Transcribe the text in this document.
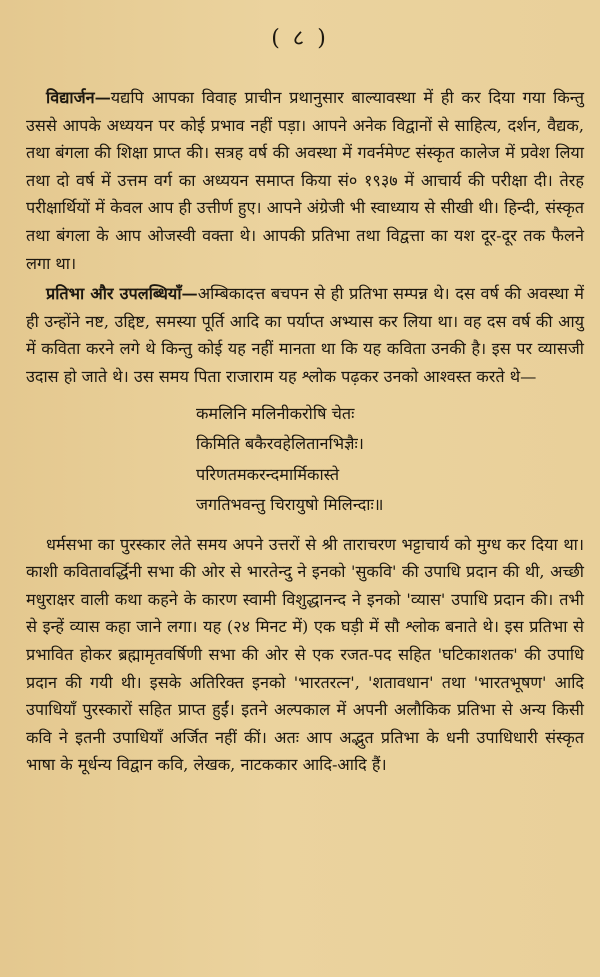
( ८ )

विद्यार्जन—यद्यपि आपका विवाह प्राचीन प्रथानुसार बाल्यावस्था में ही कर दिया गया किन्तु उससे आपके अध्ययन पर कोई प्रभाव नहीं पड़ा। आपने अनेक विद्वानों से साहित्य, दर्शन, वैद्यक, तथा बंगला की शिक्षा प्राप्त की। सत्रह वर्ष की अवस्था में गवर्नमेण्ट संस्कृत कालेज में प्रवेश लिया तथा दो वर्ष में उत्तम वर्ग का अध्ययन समाप्त किया सं० १९३७ में आचार्य की परीक्षा दी। तेरह परीक्षार्थियों में केवल आप ही उत्तीर्ण हुए। आपने अंग्रेजी भी स्वाध्याय से सीखी थी। हिन्दी, संस्कृत तथा बंगला के आप ओजस्वी वक्ता थे। आपकी प्रतिभा तथा विद्वत्ता का यश दूर-दूर तक फैलने लगा था।

प्रतिभा और उपलब्धियाँ—अम्बिकादत्त बचपन से ही प्रतिभा सम्पन्न थे। दस वर्ष की अवस्था में ही उन्होंने नष्ट, उद्दिष्ट, समस्या पूर्ति आदि का पर्याप्त अभ्यास कर लिया था। वह दस वर्ष की आयु में कविता करने लगे थे किन्तु कोई यह नहीं मानता था कि यह कविता उनकी है। इस पर व्यासजी उदास हो जाते थे। उस समय पिता राजाराम यह श्लोक पढ़कर उनको आश्वस्त करते थे—

कमलिनि मलिनीकरोषि चेतः
किमिति बकैरवहेलितानभिज्ञैः।
परिणतमकरन्दमार्मिकास्ते
जगतिभवन्तु चिरायुषो मिलिन्दाः॥

धर्मसभा का पुरस्कार लेते समय अपने उत्तरों से श्री ताराचरण भट्टाचार्य को मुग्ध कर दिया था। काशी कवितावर्द्धिनी सभा की ओर से भारतेन्दु ने इनको 'सुकवि' की उपाधि प्रदान की थी, अच्छी मधुराक्षर वाली कथा कहने के कारण स्वामी विशुद्धानन्द ने इनको 'व्यास' उपाधि प्रदान की। तभी से इन्हें व्यास कहा जाने लगा। यह (२४ मिनट में) एक घड़ी में सौ श्लोक बनाते थे। इस प्रतिभा से प्रभावित होकर ब्रह्मामृतवर्षिणी सभा की ओर से एक रजत-पद सहित 'घटिकाशतक' की उपाधि प्रदान की गयी थी। इसके अतिरिक्त इनको 'भारतरत्न', 'शतावधान' तथा 'भारतभूषण' आदि उपाधियाँ पुरस्कारों सहित प्राप्त हुईं। इतने अल्पकाल में अपनी अलौकिक प्रतिभा से अन्य किसी कवि ने इतनी उपाधियाँ अर्जित नहीं कीं। अतः आप अद्भुत प्रतिभा के धनी उपाधिधारी संस्कृत भाषा के मूर्धन्य विद्वान कवि, लेखक, नाटककार आदि-आदि हैं।
